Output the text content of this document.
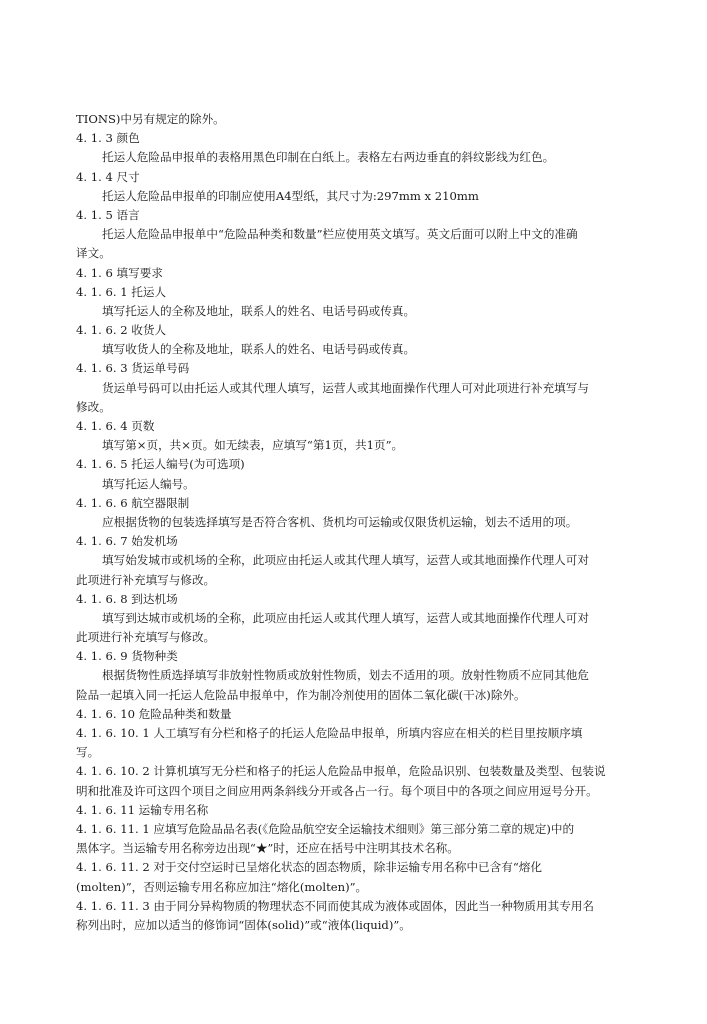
TIONS)中另有规定的除外。
4. 1. 3 颜色
托运人危险品申报单的表格用黑色印制在白纸上。表格左右两边垂直的斜纹影线为红色。
4. 1. 4 尺寸
托运人危险品申报单的印制应使用A4型纸，其尺寸为:297mm x 210mm
4. 1. 5 语言
托运人危险品申报单中“危险品种类和数量”栏应使用英文填写。英文后面可以附上中文的准确
译文。
4. 1. 6 填写要求
4. 1. 6. 1 托运人
填写托运人的全称及地址，联系人的姓名、电话号码或传真。
4. 1. 6. 2 收货人
填写收货人的全称及地址，联系人的姓名、电话号码或传真。
4. 1. 6. 3 货运单号码
货运单号码可以由托运人或其代理人填写，运营人或其地面操作代理人可对此项进行补充填写与
修改。
4. 1. 6. 4 页数
填写第×页，共×页。如无续表，应填写“第1页，共1页”。
4. 1. 6. 5 托运人编号(为可选项)
填写托运人编号。
4. 1. 6. 6 航空器限制
应根据货物的包装选择填写是否符合客机、货机均可运输或仅限货机运输，划去不适用的项。
4. 1. 6. 7 始发机场
填写始发城市或机场的全称，此项应由托运人或其代理人填写，运营人或其地面操作代理人可对
此项进行补充填写与修改。
4. 1. 6. 8 到达机场
填写到达城市或机场的全称，此项应由托运人或其代理人填写，运营人或其地面操作代理人可对
此项进行补充填写与修改。
4. 1. 6. 9 货物种类
根据货物性质选择填写非放射性物质或放射性物质，划去不适用的项。放射性物质不应同其他危
险品一起填入同一托运人危险品申报单中，作为制冷剂使用的固体二氧化碳(干冰)除外。
4. 1. 6. 10 危险品种类和数量
4. 1. 6. 10. 1 人工填写有分栏和格子的托运人危险品申报单，所填内容应在相关的栏目里按顺序填
写。
4. 1. 6. 10. 2 计算机填写无分栏和格子的托运人危险品申报单，危险品识别、包装数量及类型、包装说
明和批准及许可这四个项目之间应用两条斜线分开或各占一行。每个项目中的各项之间应用逗号分开。
4. 1. 6. 11 运输专用名称
4. 1. 6. 11. 1 应填写危险品品名表(《危险品航空安全运输技术细则》第三部分第二章的规定)中的
黑体字。当运输专用名称旁边出现“★”时，还应在括号中注明其技术名称。
4. 1. 6. 11. 2 对于交付空运时已呈熔化状态的固态物质，除非运输专用名称中已含有“熔化
(molten)”，否则运输专用名称应加注“熔化(molten)”。
4. 1. 6. 11. 3 由于同分异构物质的物理状态不同而使其成为液体或固体，因此当一种物质用其专用名
称列出时，应加以适当的修饰词“固体(solid)”或“液体(liquid)”。
